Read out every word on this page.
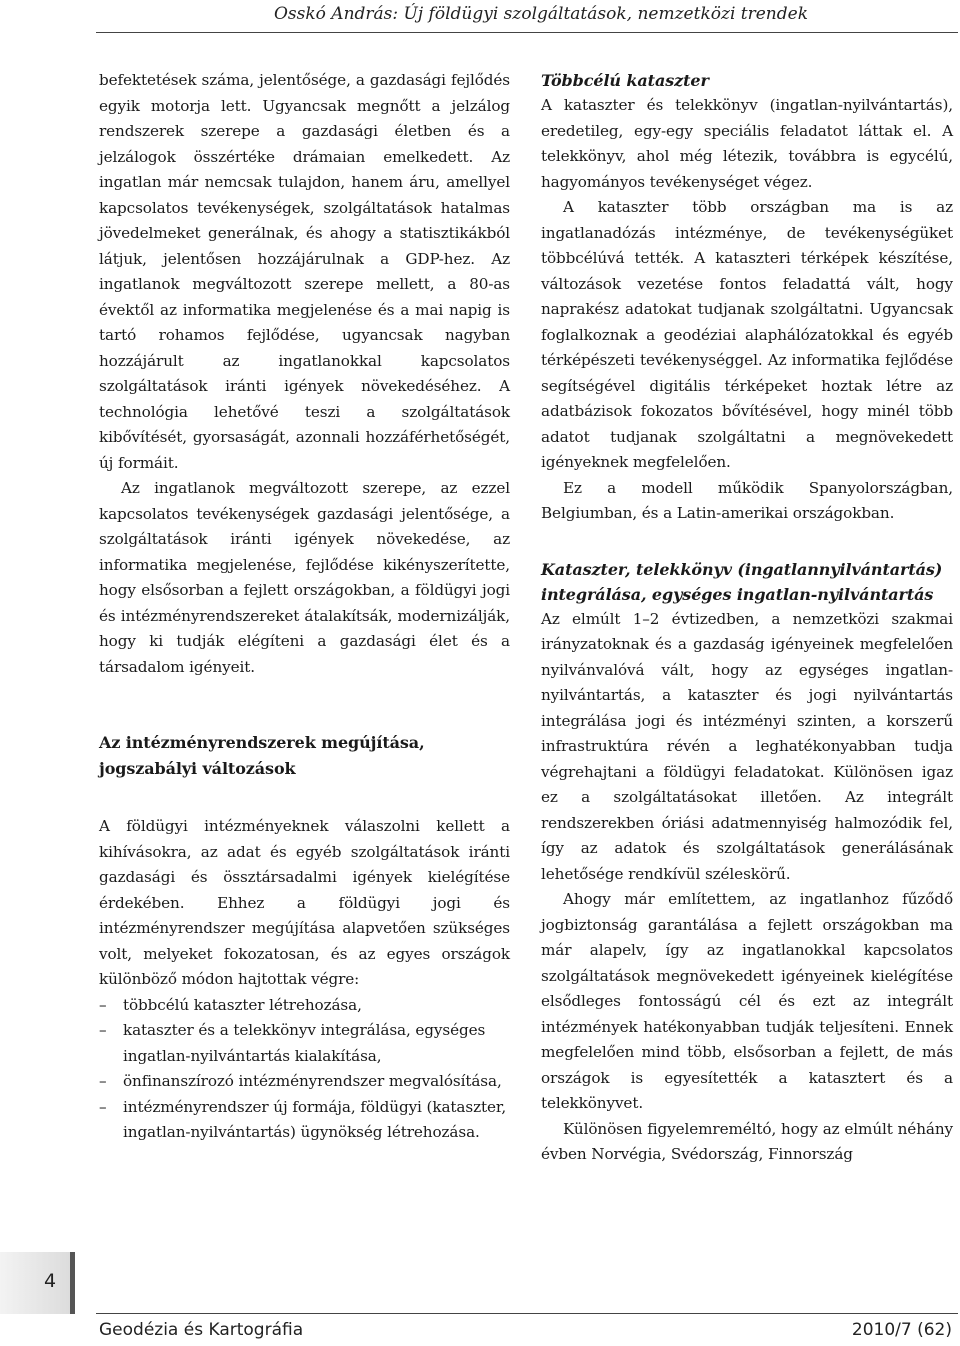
Osskó András: Új földügyi szolgáltatások, nemzetközi trendek

befektetések száma, jelentősége, a gazdasági fejlődés egyik motorja lett. Ugyancsak megnőtt a jelzálog rendszerek szerepe a gazdasági életben és a jelzálogok összértéke drámaian emelkedett. Az ingatlan már nemcsak tulajdon, hanem áru, amellyel kapcsolatos tevékenységek, szolgáltatások hatalmas jövedelmeket generálnak, és ahogy a statisztikákból látjuk, jelentősen hozzájárulnak a GDP-hez. Az ingatlanok megváltozott szerepe mellett, a 80-as évektől az informatika megjelenése és a mai napig is tartó rohamos fejlődése, ugyancsak nagyban hozzájárult az ingatlanokkal kapcsolatos szolgáltatások iránti igények növekedéséhez. A technológia lehetővé teszi a szolgáltatások kibővítését, gyorsaságát, azonnali hozzáférhetőségét, új formáit.

Az ingatlanok megváltozott szerepe, az ezzel kapcsolatos tevékenységek gazdasági jelentősége, a szolgáltatások iránti igények növekedése, az informatika megjelenése, fejlődése kikényszerítette, hogy elsősorban a fejlett országokban, a földügyi jogi és intézményrendszereket átalakítsák, modernizálják, hogy ki tudják elégíteni a gazdasági élet és a társadalom igényeit.

Az intézményrendszerek megújítása, jogszabályi változások

A földügyi intézményeknek válaszolni kellett a kihívásokra, az adat és egyéb szolgáltatások iránti gazdasági és össztársadalmi igények kielégítése érdekében. Ehhez a földügyi jogi és intézményrendszer megújítása alapvetően szükséges volt, melyeket fokozatosan, és az egyes országok különböző módon hajtottak végre:

– többcélú kataszter létrehozása,
– kataszter és a telekkönyv integrálása, egységes ingatlan-nyilvántartás kialakítása,
– önfinanszírozó intézményrendszer megvalósítása,
– intézményrendszer új formája, földügyi (kataszter, ingatlan-nyilvántartás) ügynökség létrehozása.
Többcélú kataszter

A kataszter és telekkönyv (ingatlan-nyilvántartás), eredetileg, egy-egy speciális feladatot láttak el. A telekkönyv, ahol még létezik, továbbra is egycélú, hagyományos tevékenységet végez.

A kataszter több országban ma is az ingatlanadózás intézménye, de tevékenységüket többcélúvá tették. A kataszteri térképek készítése, változások vezetése fontos feladattá vált, hogy naprakész adatokat tudjanak szolgáltatni. Ugyancsak foglalkoznak a geodéziai alaphálózatokkal és egyéb térképészeti tevékenységgel. Az informatika fejlődése segítségével digitális térképeket hoztak létre az adatbázisok fokozatos bővítésével, hogy minél több adatot tudjanak szolgáltatni a megnövekedett igényeknek megfelelően.

Ez a modell működik Spanyolországban, Belgiumban, és a Latin-amerikai országokban.

Kataszter, telekkönyv (ingatlannyilvántartás) integrálása, egységes ingatlan-nyilvántartás

Az elmúlt 1–2 évtizedben, a nemzetközi szakmai irányzatoknak és a gazdaság igényeinek megfelelően nyilvánvalóvá vált, hogy az egységes ingatlan-nyilvántartás, a kataszter és jogi nyilvántartás integrálása jogi és intézményi szinten, a korszerű infrastruktúra révén a leghatékonyabban tudja végrehajtani a földügyi feladatokat. Különösen igaz ez a szolgáltatásokat illetően. Az integrált rendszerekben óriási adatmennyiség halmozódik fel, így az adatok és szolgáltatások generálásának lehetősége rendkívül széleskörű.

Ahogy már említettem, az ingatlanhoz fűződő jogbiztonság garantálása a fejlett országokban ma már alapelv, így az ingatlanokkal kapcsolatos szolgáltatások megnövekedett igényeinek kielégítése elsődleges fontosságú cél és ezt az integrált intézmények hatékonyabban tudják teljesíteni. Ennek megfelelően mind több, elsősorban a fejlett, de más országok is egyesítették a katasztert és a telekkönyvet.

Különösen figyelemreméltó, hogy az elmúlt néhány évben Norvégia, Svédország, Finnország

4
Geodézia és Kartográfia	2010/7 (62)
